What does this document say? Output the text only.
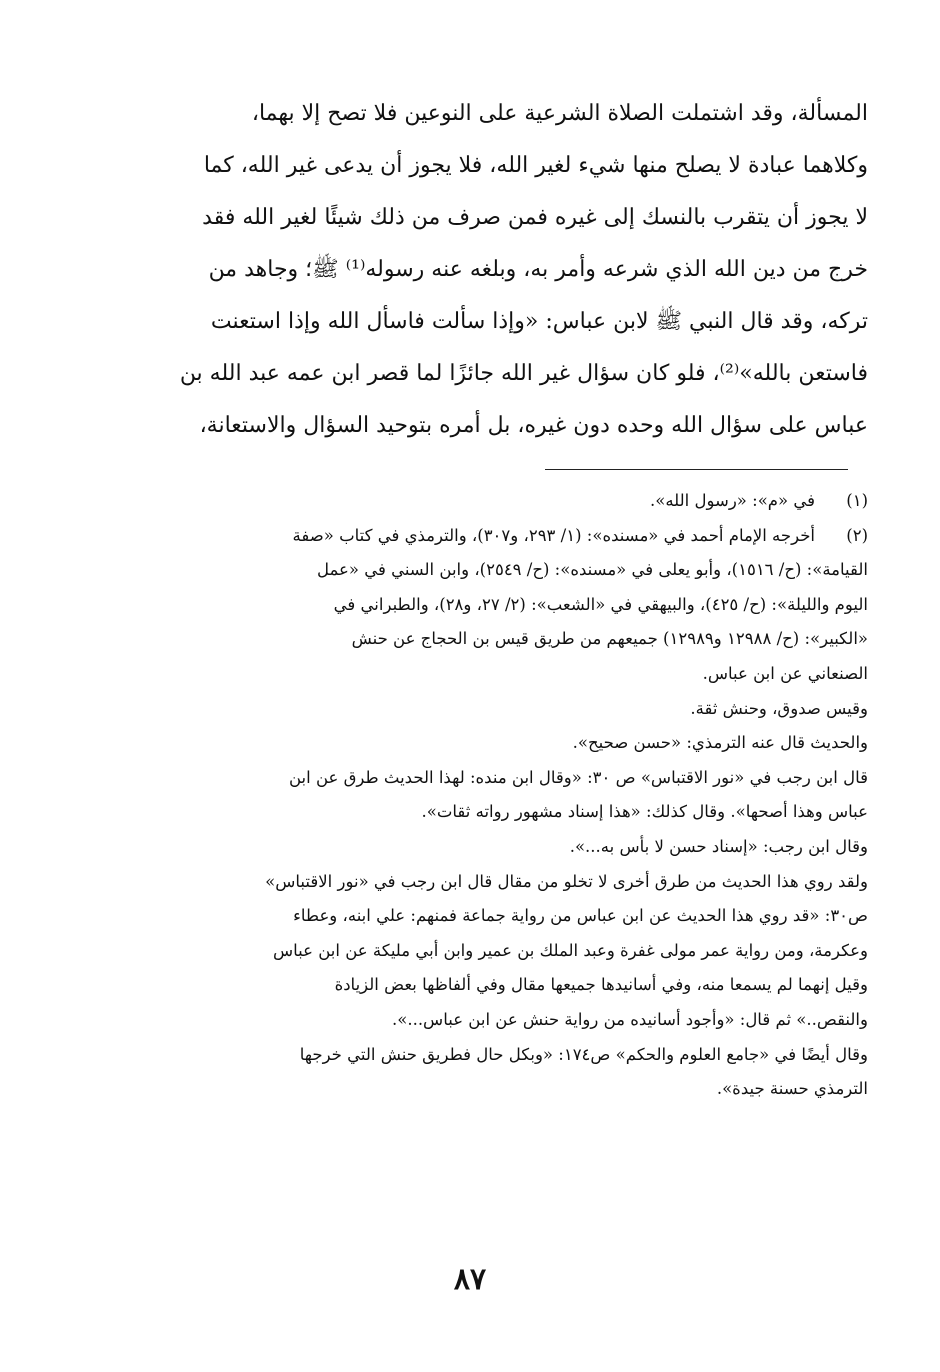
المسألة، وقد اشتملت الصلاة الشرعية على النوعين فلا تصح إلا بهما،
وكلاهما عبادة لا يصلح منها شيء لغير الله، فلا يجوز أن يدعى غير الله، كما
لا يجوز أن يتقرب بالنسك إلى غيره فمن صرف من ذلك شيئًا لغير الله فقد
خرج من دين الله الذي شرعه وأمر به، وبلغه عنه رسوله⁽¹⁾ ﷺ؛ وجاهد من
تركه، وقد قال النبي ﷺ لابن عباس: «وإذا سألت فاسأل الله وإذا استعنت
فاستعن بالله»⁽²⁾، فلو كان سؤال غير الله جائزًا لما قصر ابن عمه عبد الله بن
عباس على سؤال الله وحده دون غيره، بل أمره بتوحيد السؤال والاستعانة،
(١)
في «م»: «رسول الله».
(٢)
أخرجه الإمام أحمد في «مسنده»: (١/ ٢٩٣، و٣٠٧)، والترمذي في كتاب «صفة
القيامة»: (ح/ ١٥١٦)، وأبو يعلى في «مسنده»: (ح/ ٢٥٤٩)، وابن السني في «عمل
اليوم والليلة»: (ح/ ٤٢٥)، والبيهقي في «الشعب»: (٢/ ٢٧، و٢٨)، والطبراني في
«الكبير»: (ح/ ١٢٩٨٨ و١٢٩٨٩) جميعهم من طريق قيس بن الحجاج عن حنش
الصنعاني عن ابن عباس.
وقيس صدوق، وحنش ثقة.
والحديث قال عنه الترمذي: «حسن صحيح».
قال ابن رجب في «نور الاقتباس» ص ٣٠: «وقال ابن منده: لهذا الحديث طرق عن ابن
عباس وهذا أصحها». وقال كذلك: «هذا إسناد مشهور رواته ثقات».
وقال ابن رجب: «إسناد حسن لا بأس به...».
ولقد روي هذا الحديث من طرق أخرى لا تخلو من مقال قال ابن رجب في «نور الاقتباس»
ص٣٠: «قد روي هذا الحديث عن ابن عباس من رواية جماعة فمنهم: علي ابنه، وعطاء
وعكرمة، ومن رواية عمر مولى غفرة وعبد الملك بن عمير وابن أبي مليكة عن ابن عباس
وقيل إنهما لم يسمعا منه، وفي أسانيدها جميعها مقال وفي ألفاظها بعض الزيادة
والنقص..» ثم قال: «وأجود أسانيده من رواية حنش عن ابن عباس...».
وقال أيضًا في «جامع العلوم والحكم» ص١٧٤: «وبكل حال فطريق حنش التي خرجها
الترمذي حسنة جيدة».
٨٧
